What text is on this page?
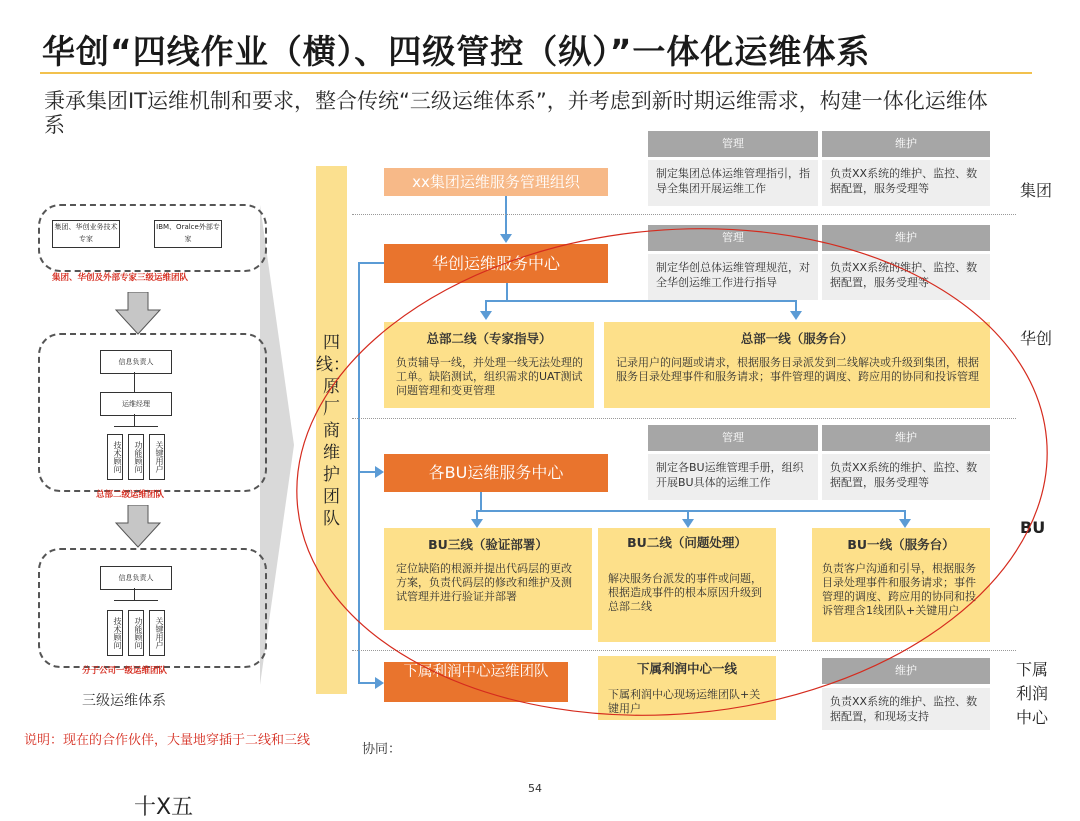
华创“四线作业（横）、四级管控（纵）”一体化运维体系
秉承集团IT运维机制和要求，整合传统“三级运维体系”，并考虑到新时期运维需求，构建一体化运维体系
集团、华创业务技术专家
IBM、Oralce外部专家
集团、华创及外部专家三级运维团队
信息负责人
运维经理
技术顾问	功能顾问	关键用户
总部二级运维团队
信息负责人
技术顾问	功能顾问	关键用户
分子公司一级运维团队
三级运维体系
说明：现在的合作伙伴，大量地穿插于二线和三线
协同：
54
十X五
四线：原厂商维护团队
xx集团运维服务管理组织
管理	维护
制定集团总体运维管理指引，指导全集团开展运维工作
负责XX系统的维护、监控、数据配置，服务受理等	集团
华创运维服务中心
管理	维护
制定华创总体运维管理规范，对全华创运维工作进行指导
负责XX系统的维护、监控、数据配置，服务受理等
华创
总部二线（专家指导）
负责辅导一线，并处理一线无法处理的工单。缺陷测试，组织需求的UAT测试问题管理和变更管理
总部一线（服务台）
记录用户的问题或请求，根据服务目录派发到二线解决或升级到集团，根据服务目录处理事件和服务请求；事件管理的调度、跨应用的协同和投诉管理
各BU运维服务中心
管理	维护
制定各BU运维管理手册，组织开展BU具体的运维工作
负责XX系统的维护、监控、数据配置，服务受理等
BU
BU三线（验证部署）
定位缺陷的根源并提出代码层的更改方案，负责代码层的修改和维护及测试管理并进行验证并部署
BU二线（问题处理）
解决服务台派发的事件或问题，根据造成事件的根本原因升级到总部二线
BU一线（服务台）
负责客户沟通和引导，根据服务目录处理事件和服务请求；事件管理的调度、跨应用的协同和投诉管理含1线团队+关键用户
下属利润中心运维团队	下属利润中心一线
下属利润中心现场运维团队+关键用户
维护
负责XX系统的维护、监控、数据配置，和现场支持
下属利润中心
